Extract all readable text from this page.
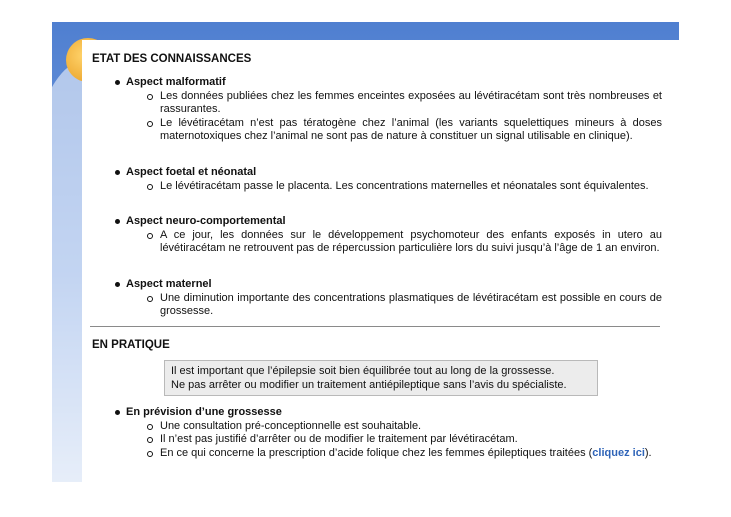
ETAT DES CONNAISSANCES
Aspect malformatif
Les données publiées chez les femmes enceintes exposées au lévétiracétam sont très nombreuses et rassurantes.
Le lévétiracétam n’est pas tératogène chez l’animal (les variants squelettiques mineurs à doses maternotoxiques chez l’animal ne sont pas de nature à constituer un signal utilisable en clinique).
Aspect foetal et néonatal
Le lévétiracétam passe le placenta. Les concentrations maternelles et néonatales sont équivalentes.
Aspect neuro-comportemental
A ce jour, les données sur le développement psychomoteur des enfants exposés in utero au lévétiracétam ne retrouvent pas de répercussion particulière lors du suivi jusqu’à l’âge de 1 an environ.
Aspect maternel
Une diminution importante des concentrations plasmatiques de lévétiracétam est possible en cours de grossesse.
EN PRATIQUE
Il est important que l’épilepsie soit bien équilibrée tout au long de la grossesse.
Ne pas arrêter ou modifier un traitement antiépileptique sans l’avis du spécialiste.
En prévision d’une grossesse
Une consultation pré-conceptionnelle est souhaitable.
Il n’est pas justifié d’arrêter ou de modifier le traitement par lévétiracétam.
En ce qui concerne la prescription d’acide folique chez les femmes épileptiques traitées (cliquez ici).
